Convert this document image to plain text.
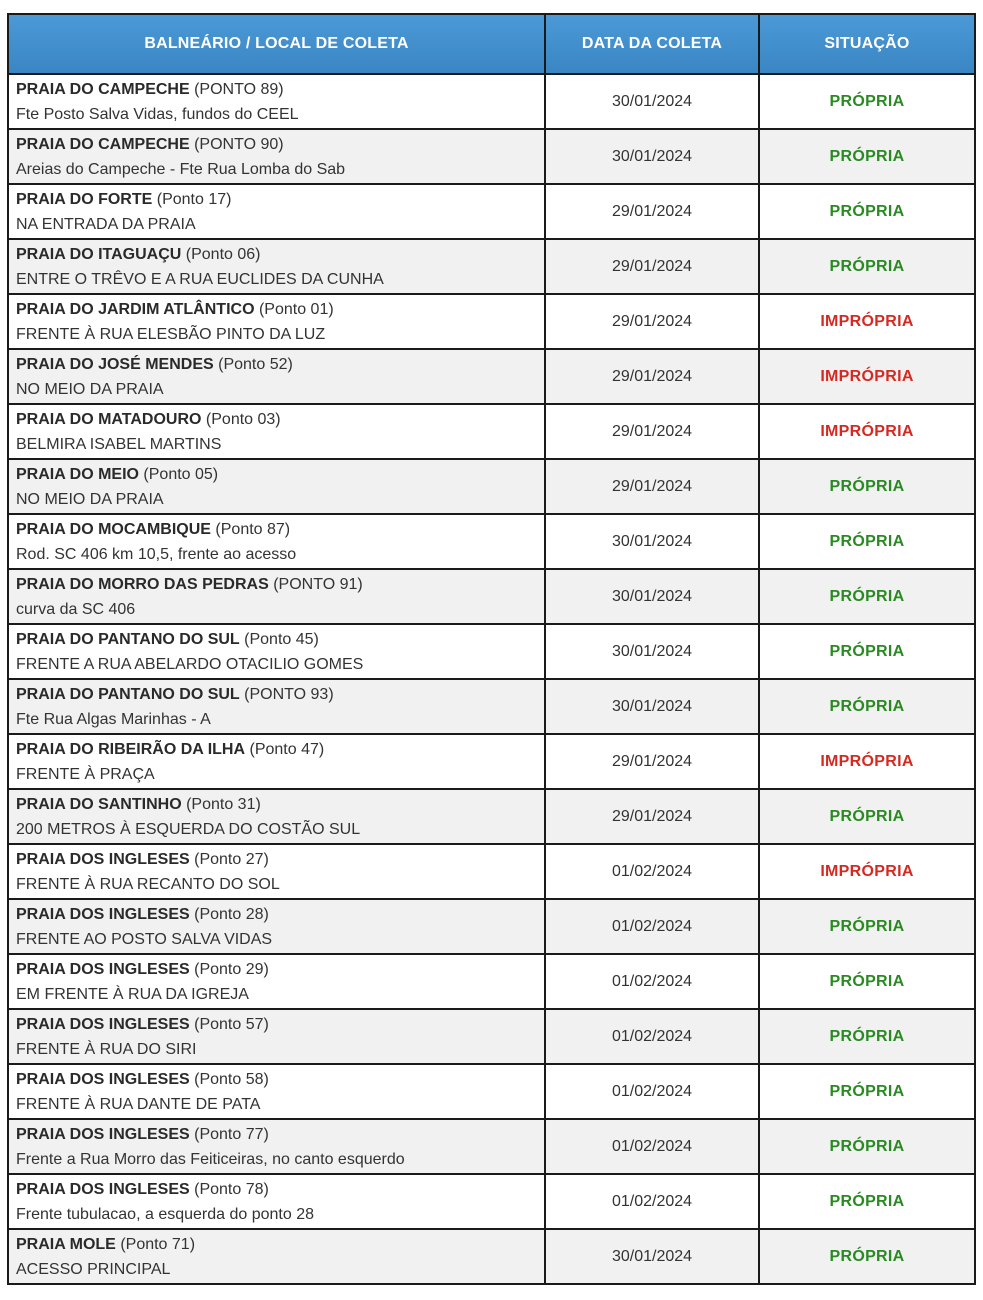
BALNEÁRIO / LOCAL DE COLETA	DATA DA COLETA	SITUAÇÃO

PRAIA DO CAMPECHE (PONTO 89)
Fte Posto Salva Vidas, fundos do CEEL	30/01/2024	PRÓPRIA

PRAIA DO CAMPECHE (PONTO 90)
Areias do Campeche - Fte Rua Lomba do Sab	30/01/2024	PRÓPRIA

PRAIA DO FORTE (Ponto 17)
NA ENTRADA DA PRAIA	29/01/2024	PRÓPRIA

PRAIA DO ITAGUAÇU (Ponto 06)
ENTRE O TRÊVO E A RUA EUCLIDES DA CUNHA	29/01/2024	PRÓPRIA

PRAIA DO JARDIM ATLÂNTICO (Ponto 01)
FRENTE À RUA ELESBÃO PINTO DA LUZ	29/01/2024	IMPRÓPRIA

PRAIA DO JOSÉ MENDES (Ponto 52)
NO MEIO DA PRAIA	29/01/2024	IMPRÓPRIA

PRAIA DO MATADOURO (Ponto 03)
BELMIRA ISABEL MARTINS	29/01/2024	IMPRÓPRIA

PRAIA DO MEIO (Ponto 05)
NO MEIO DA PRAIA	29/01/2024	PRÓPRIA

PRAIA DO MOCAMBIQUE (Ponto 87)
Rod. SC 406 km 10,5, frente ao acesso	30/01/2024	PRÓPRIA

PRAIA DO MORRO DAS PEDRAS (PONTO 91)
curva da SC 406	30/01/2024	PRÓPRIA

PRAIA DO PANTANO DO SUL (Ponto 45)
FRENTE A RUA ABELARDO OTACILIO GOMES	30/01/2024	PRÓPRIA

PRAIA DO PANTANO DO SUL (PONTO 93)
Fte Rua Algas Marinhas - A	30/01/2024	PRÓPRIA

PRAIA DO RIBEIRÃO DA ILHA (Ponto 47)
FRENTE À PRAÇA	29/01/2024	IMPRÓPRIA

PRAIA DO SANTINHO (Ponto 31)
200 METROS À ESQUERDA DO COSTÃO SUL	29/01/2024	PRÓPRIA

PRAIA DOS INGLESES (Ponto 27)
FRENTE À RUA RECANTO DO SOL	01/02/2024	IMPRÓPRIA

PRAIA DOS INGLESES (Ponto 28)
FRENTE AO POSTO SALVA VIDAS	01/02/2024	PRÓPRIA

PRAIA DOS INGLESES (Ponto 29)
EM FRENTE À RUA DA IGREJA	01/02/2024	PRÓPRIA

PRAIA DOS INGLESES (Ponto 57)
FRENTE À RUA DO SIRI	01/02/2024	PRÓPRIA

PRAIA DOS INGLESES (Ponto 58)
FRENTE À RUA DANTE DE PATA	01/02/2024	PRÓPRIA

PRAIA DOS INGLESES (Ponto 77)
Frente a Rua Morro das Feiticeiras, no canto esquerdo	01/02/2024	PRÓPRIA

PRAIA DOS INGLESES (Ponto 78)
Frente tubulacao, a esquerda do ponto 28	01/02/2024	PRÓPRIA

PRAIA MOLE (Ponto 71)
ACESSO PRINCIPAL	30/01/2024	PRÓPRIA
